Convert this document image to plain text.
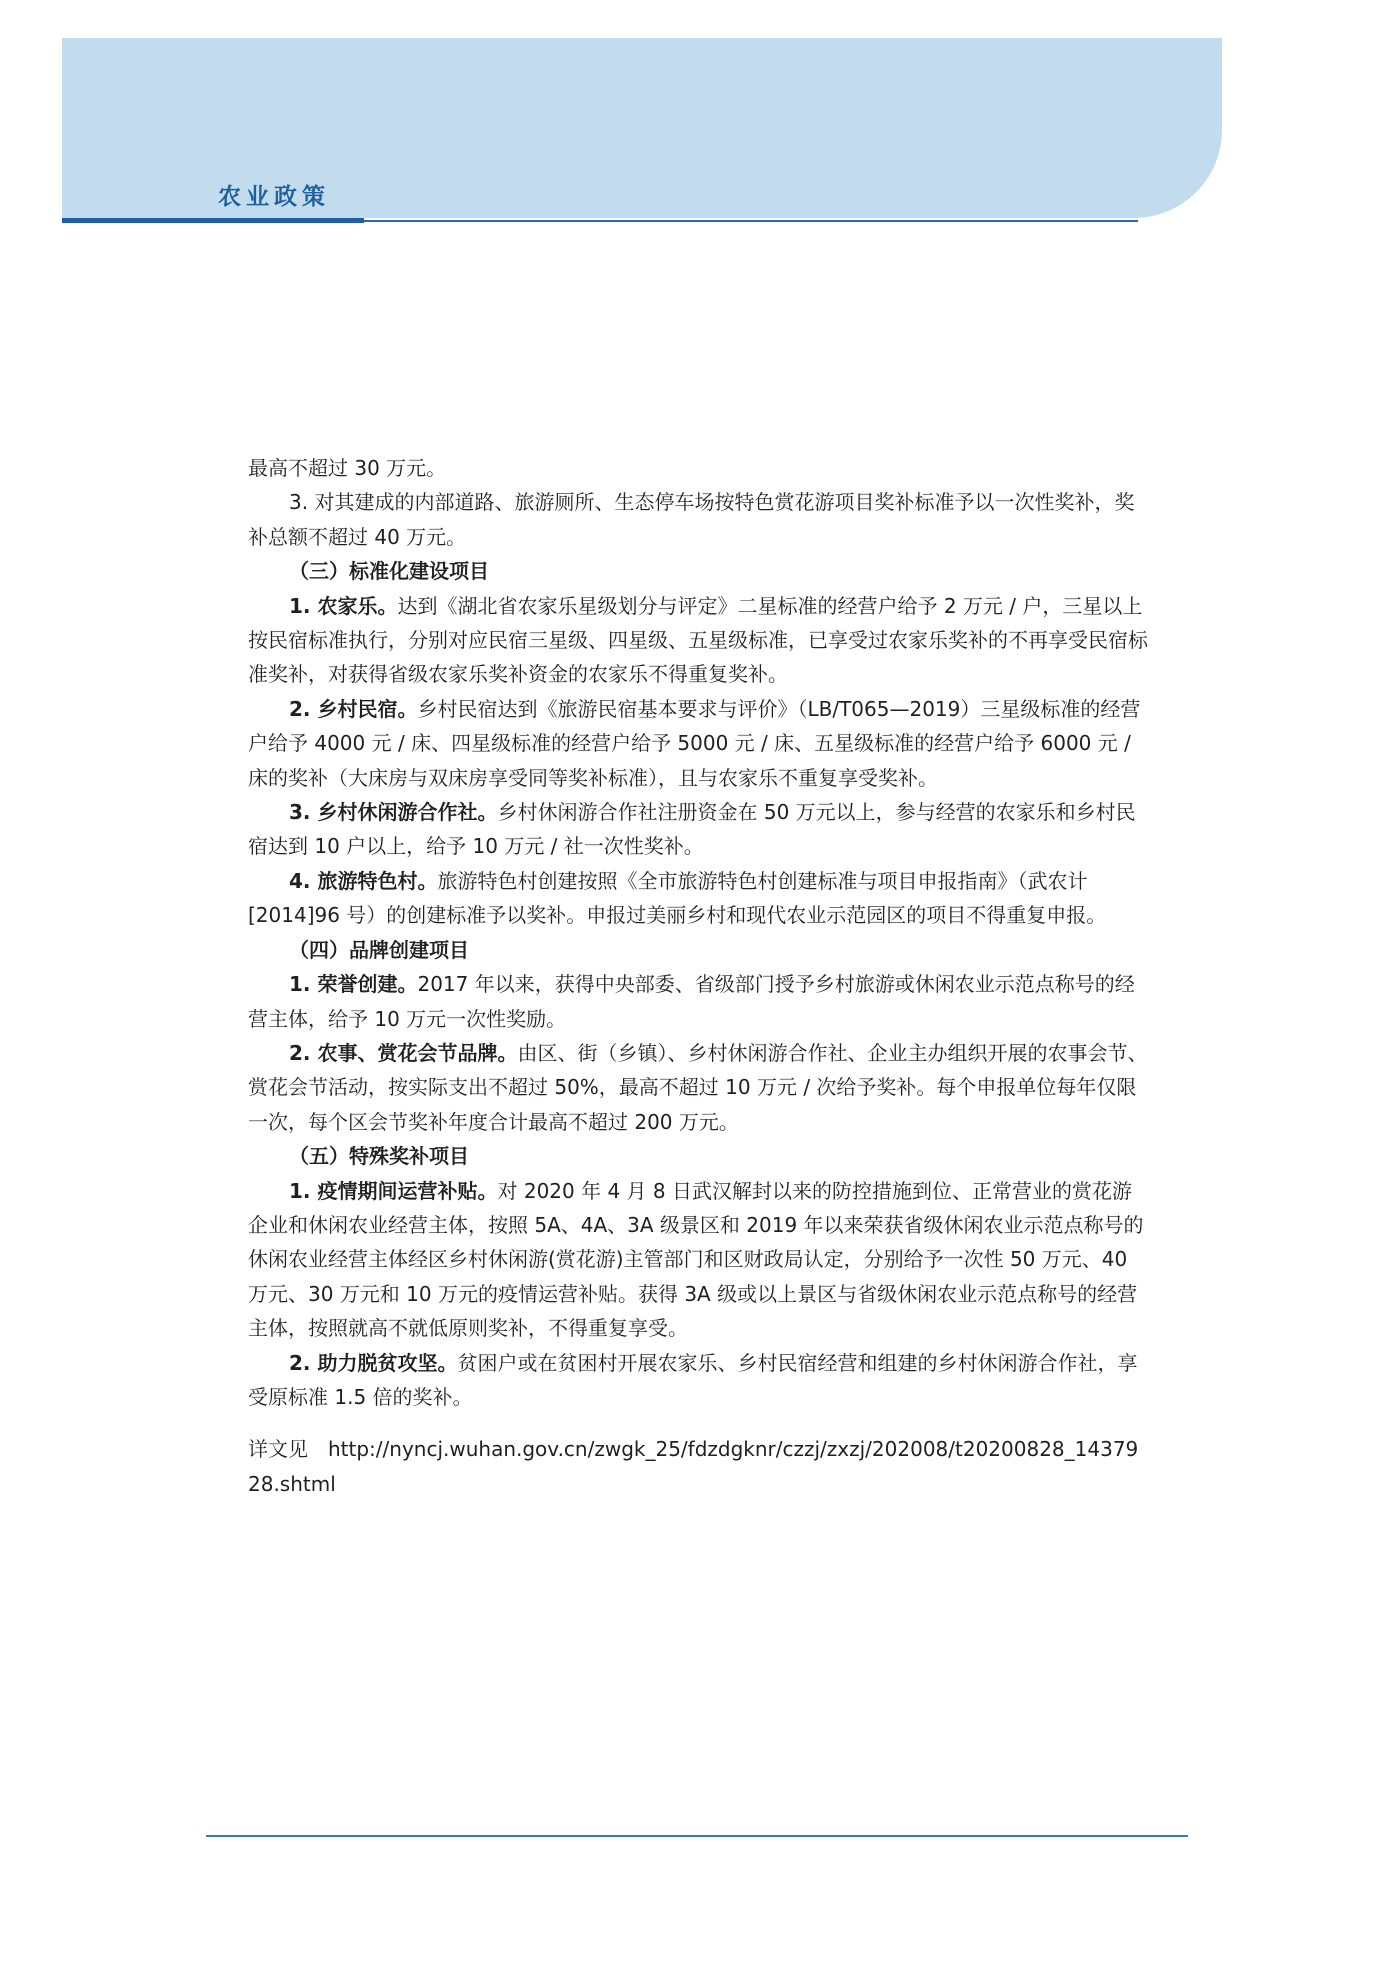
农业政策

最高不超过 30 万元。

3. 对其建成的内部道路、旅游厕所、生态停车场按特色赏花游项目奖补标准予以一次性奖补，奖补总额不超过 40 万元。

（三）标准化建设项目

1. 农家乐。达到《湖北省农家乐星级划分与评定》二星标准的经营户给予 2 万元 / 户，三星以上按民宿标准执行，分别对应民宿三星级、四星级、五星级标准，已享受过农家乐奖补的不再享受民宿标准奖补，对获得省级农家乐奖补资金的农家乐不得重复奖补。

2. 乡村民宿。乡村民宿达到《旅游民宿基本要求与评价》（LB/T065—2019）三星级标准的经营户给予 4000 元 / 床、四星级标准的经营户给予 5000 元 / 床、五星级标准的经营户给予 6000 元 / 床的奖补（大床房与双床房享受同等奖补标准），且与农家乐不重复享受奖补。

3. 乡村休闲游合作社。乡村休闲游合作社注册资金在 50 万元以上，参与经营的农家乐和乡村民宿达到 10 户以上，给予 10 万元 / 社一次性奖补。

4. 旅游特色村。旅游特色村创建按照《全市旅游特色村创建标准与项目申报指南》（武农计 [2014]96 号）的创建标准予以奖补。申报过美丽乡村和现代农业示范园区的项目不得重复申报。

（四）品牌创建项目

1. 荣誉创建。2017 年以来，获得中央部委、省级部门授予乡村旅游或休闲农业示范点称号的经营主体，给予 10 万元一次性奖励。

2. 农事、赏花会节品牌。由区、街（乡镇）、乡村休闲游合作社、企业主办组织开展的农事会节、赏花会节活动，按实际支出不超过 50%，最高不超过 10 万元 / 次给予奖补。每个申报单位每年仅限一次，每个区会节奖补年度合计最高不超过 200 万元。

（五）特殊奖补项目

1. 疫情期间运营补贴。对 2020 年 4 月 8 日武汉解封以来的防控措施到位、正常营业的赏花游企业和休闲农业经营主体，按照 5A、4A、3A 级景区和 2019 年以来荣获省级休闲农业示范点称号的休闲农业经营主体经区乡村休闲游(赏花游)主管部门和区财政局认定，分别给予一次性 50 万元、40 万元、30 万元和 10 万元的疫情运营补贴。获得 3A 级或以上景区与省级休闲农业示范点称号的经营主体，按照就高不就低原则奖补，不得重复享受。

2. 助力脱贫攻坚。贫困户或在贫困村开展农家乐、乡村民宿经营和组建的乡村休闲游合作社，享受原标准 1.5 倍的奖补。

详文见　http://nyncj.wuhan.gov.cn/zwgk_25/fdzdgknr/czzj/zxzj/202008/t20200828_1437928.shtml
